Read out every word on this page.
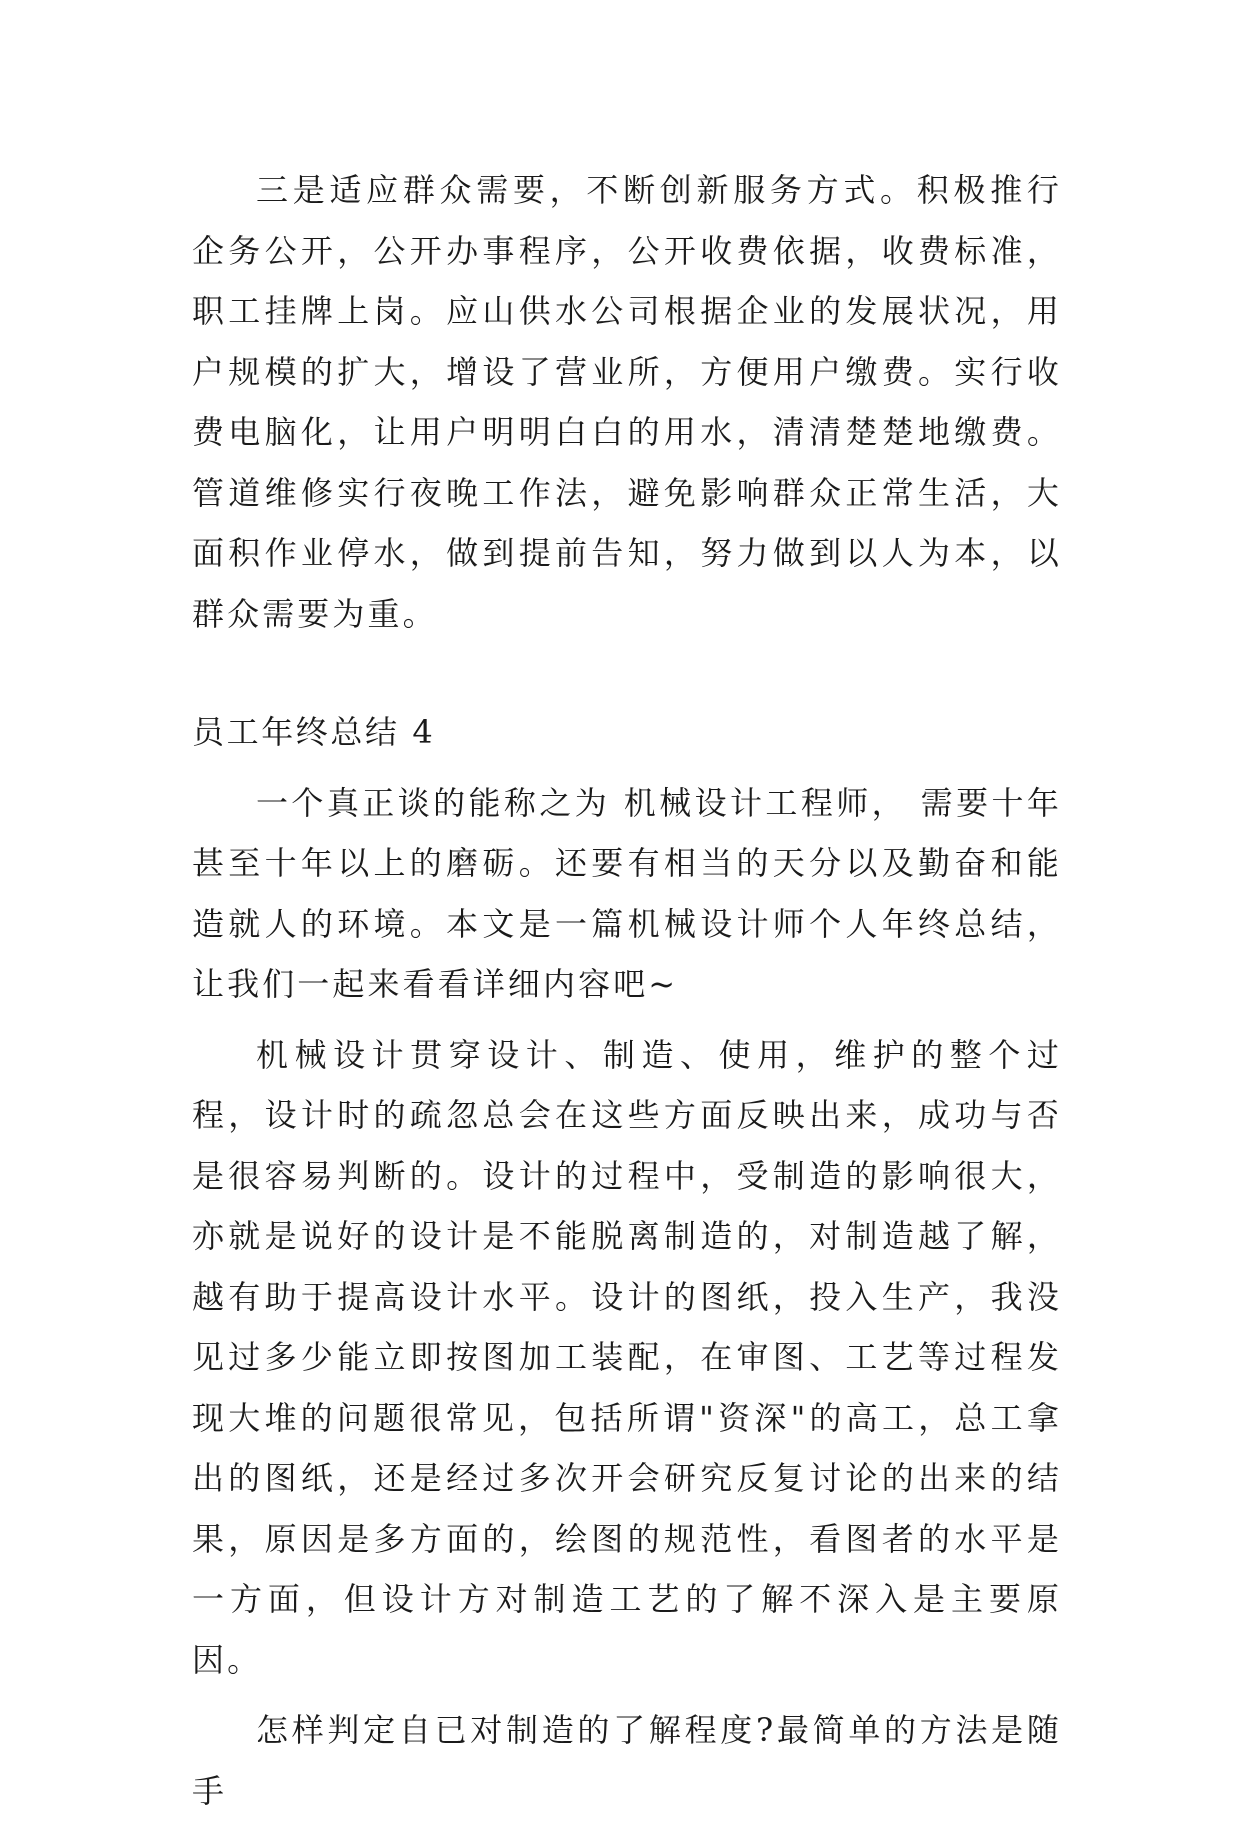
三是适应群众需要，不断创新服务方式。积极推行企务公开，公开办事程序，公开收费依据，收费标准，职工挂牌上岗。应山供水公司根据企业的发展状况，用户规模的扩大，增设了营业所，方便用户缴费。实行收费电脑化，让用户明明白白的用水，清清楚楚地缴费。管道维修实行夜晚工作法，避免影响群众正常生活，大面积作业停水，做到提前告知，努力做到以人为本，以群众需要为重。

员工年终总结 4

一个真正谈的能称之为 机械设计工程师， 需要十年甚至十年以上的磨砺。还要有相当的天分以及勤奋和能造就人的环境。本文是一篇机械设计师个人年终总结，让我们一起来看看详细内容吧~

机械设计贯穿设计、制造、使用，维护的整个过程，设计时的疏忽总会在这些方面反映出来，成功与否是很容易判断的。设计的过程中，受制造的影响很大，亦就是说好的设计是不能脱离制造的，对制造越了解，越有助于提高设计水平。设计的图纸，投入生产，我没见过多少能立即按图加工装配，在审图、工艺等过程发现大堆的问题很常见，包括所谓"资深"的高工，总工拿出的图纸，还是经过多次开会研究反复讨论的出来的结果，原因是多方面的，绘图的规范性，看图者的水平是一方面，但设计方对制造工艺的了解不深入是主要原因。

怎样判定自已对制造的了解程度?最简单的方法是随手
